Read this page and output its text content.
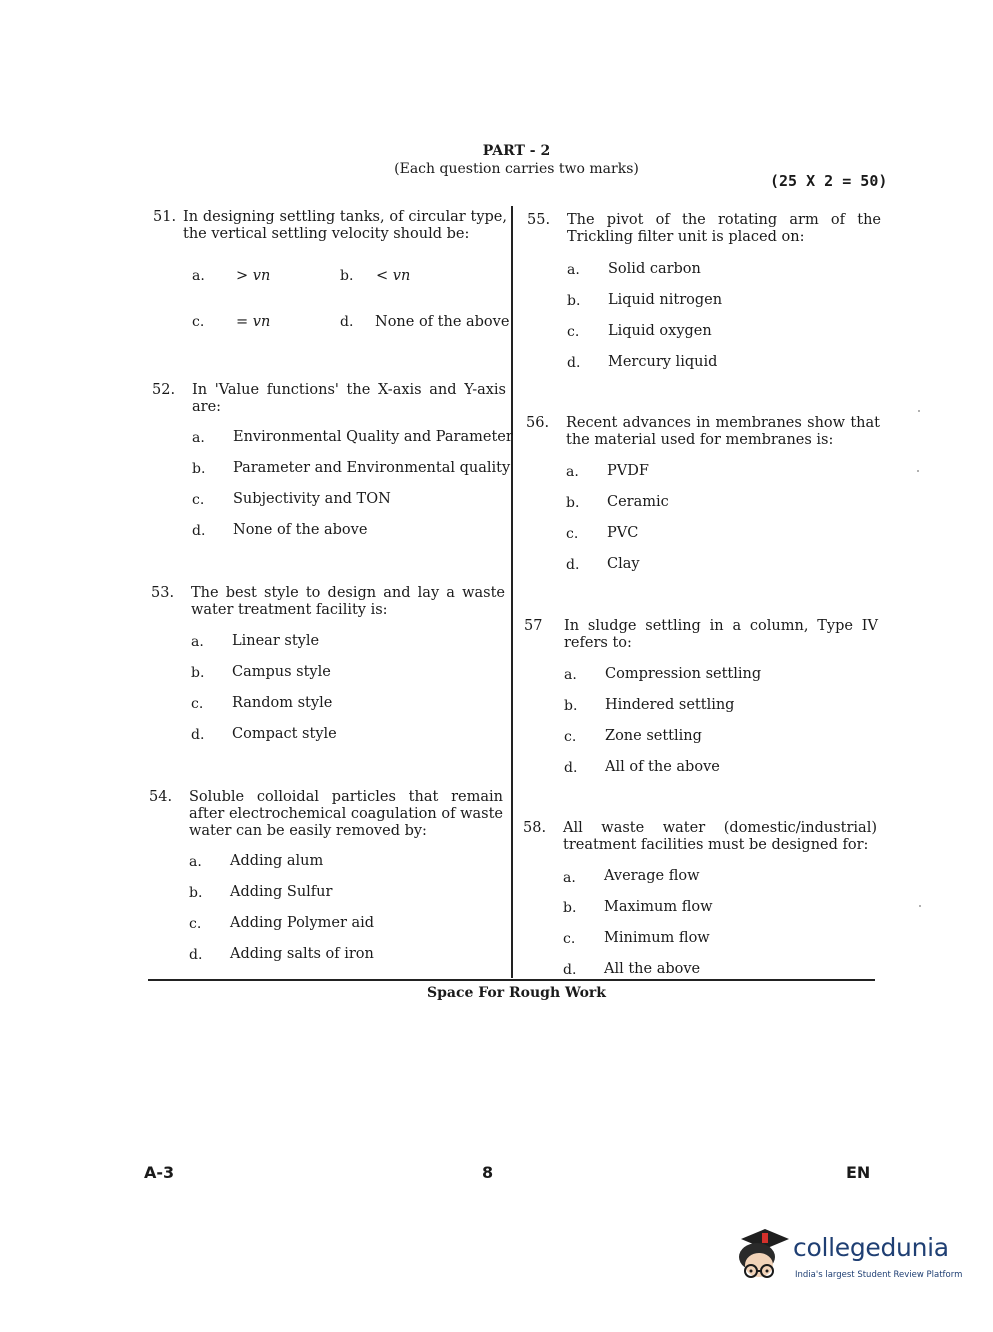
PART - 2
(Each question carries two marks)
(25 X 2 = 50)
51. In designing settling tanks, of circular type, the vertical settling velocity should be:
a. > vn	b. < vn
c. = vn	d. None of the above
52. In 'Value functions' the X-axis and Y-axis are:
a. Environmental Quality and Parameter
b. Parameter and Environmental quality
c. Subjectivity and TON
d. None of the above
53. The best style to design and lay a waste water treatment facility is:
a. Linear style
b. Campus style
c. Random style
d. Compact style
54. Soluble colloidal particles that remain after electrochemical coagulation of waste water can be easily removed by:
a. Adding alum
b. Adding Sulfur
c. Adding Polymer aid
d. Adding salts of iron
55. The pivot of the rotating arm of the Trickling filter unit is placed on:
a. Solid carbon
b. Liquid nitrogen
c. Liquid oxygen
d. Mercury liquid
56. Recent advances in membranes show that the material used for membranes is:
a. PVDF
b. Ceramic
c. PVC
d. Clay
57 In sludge settling in a column, Type IV refers to:
a. Compression settling
b. Hindered settling
c. Zone settling
d. All of the above
58. All waste water (domestic/industrial) treatment facilities must be designed for:
a. Average flow
b. Maximum flow
c. Minimum flow
d. All the above
Space For Rough Work
A-3	8	EN
collegedunia
India's largest Student Review Platform
